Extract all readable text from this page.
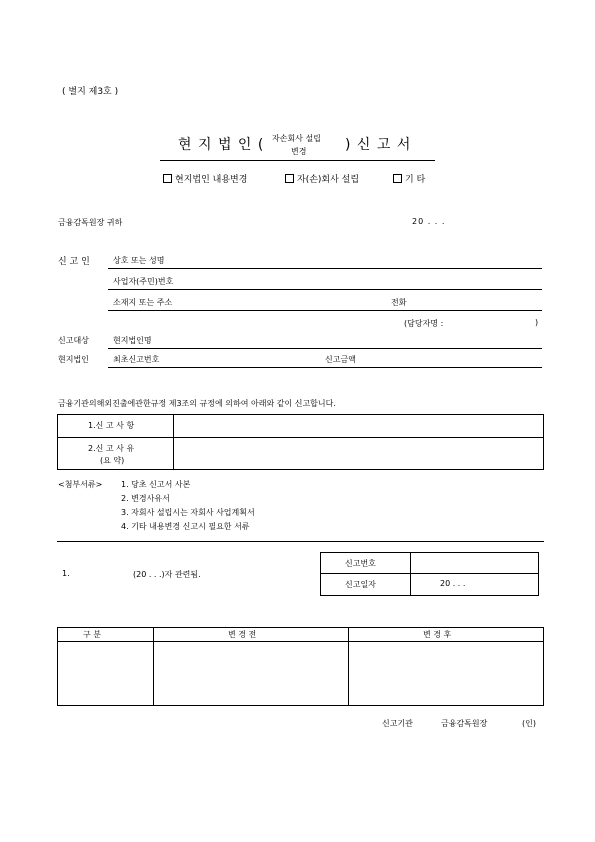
( 별지 제3호 )
현 지 법 인 ( 자손회사 설립
변경	) 신 고 서
현지법인 내용변경	자(손)회사 설립	기 타
금융감독원장 귀하	20 . . .
신 고 인	상호 또는 성명
사업자(주민)번호
소재지 또는 주소	전화
(담당자명 :	)
신고대상	현지법인명
현지법인	최초신고번호	신고금액
금융기관의해외진출에관한규정 제3조의 규정에 의하여 아래와 같이 신고합니다.
1.신 고 사 항
2.신 고 사 유
(요 약)
<첨부서류> 1. 당초 신고서 사본
2. 변경사유서
3. 자회사 설립시는 자회사 사업계획서
4. 기타 내용변경 신고시 필요한 서류
1.	(20 . . .)자 관련됨.
신고번호
신고일자	20 . . .
구 분	변 경 전	변 경 후
신고기관	금융감독원장	(인)
